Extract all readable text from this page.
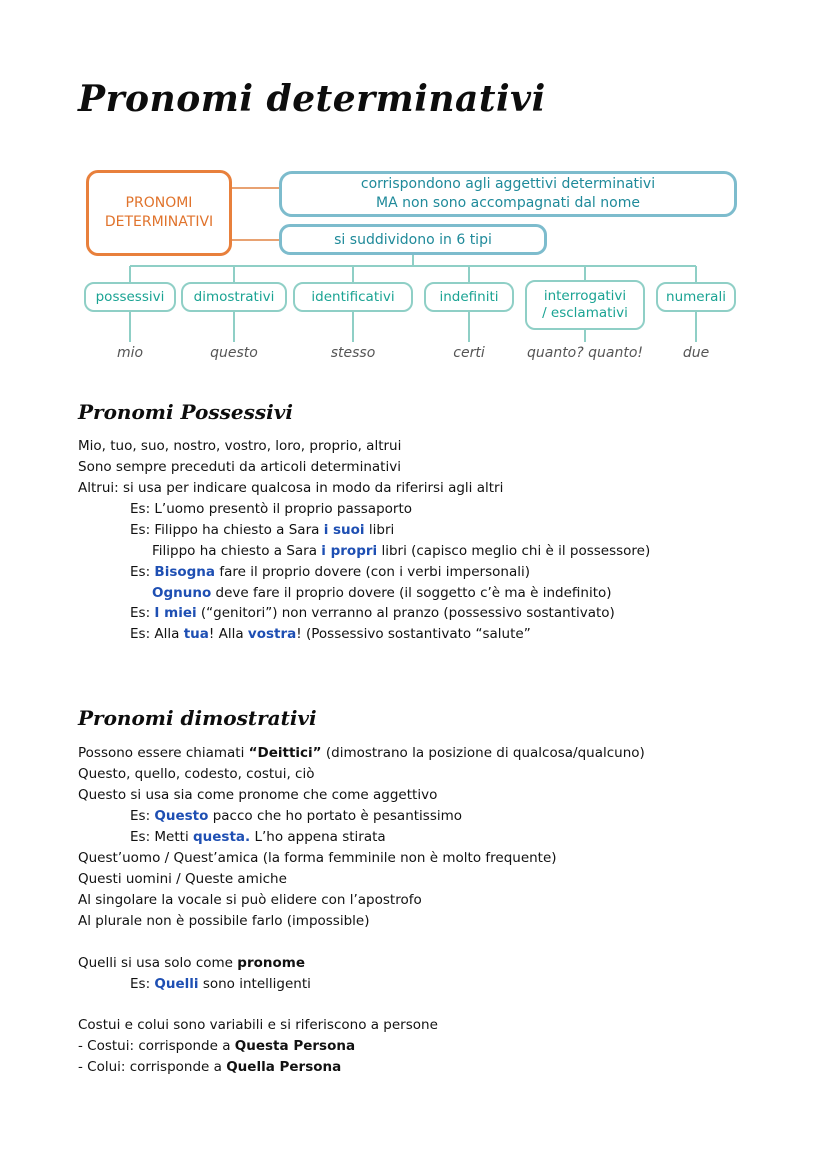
Pronomi determinativi
PRONOMI
DETERMINATIVI
corrispondono agli aggettivi determinativi
MA non sono accompagnati dal nome
si suddividono in 6 tipi
possessivi dimostrativi	identificativi	indefiniti	interrogativi
/ esclamativi
numerali
mio	questo	stesso	certi	quanto? quanto!	due
Pronomi Possessivi

Mio, tuo, suo, nostro, vostro, loro, proprio, altrui

Sono sempre preceduti da articoli determinativi

Altrui: si usa per indicare qualcosa in modo da riferirsi agli altri

Es: L’uomo presentò il proprio passaporto

Es: Filippo ha chiesto a Sara i suoi libri

Filippo ha chiesto a Sara i propri libri (capisco meglio chi è il possessore)

Es: Bisogna fare il proprio dovere (con i verbi impersonali)

Ognuno deve fare il proprio dovere (il soggetto c’è ma è indefinito)

Es: I miei (“genitori”) non verranno al pranzo (possessivo sostantivato)

Es: Alla tua! Alla vostra! (Possessivo sostantivato “salute”

Pronomi dimostrativi

Possono essere chiamati “Deittici” (dimostrano la posizione di qualcosa/qualcuno)

Questo, quello, codesto, costui, ciò

Questo si usa sia come pronome che come aggettivo

Es: Questo pacco che ho portato è pesantissimo

Es: Metti questa. L’ho appena stirata

Quest’uomo / Quest’amica (la forma femminile non è molto frequente)

Questi uomini / Queste amiche

Al singolare la vocale si può elidere con l’apostrofo

Al plurale non è possibile farlo (impossible)

Quelli si usa solo come pronome

Es: Quelli sono intelligenti

Costui e colui sono variabili e si riferiscono a persone

- Costui: corrisponde a Questa Persona

- Colui: corrisponde a Quella Persona
